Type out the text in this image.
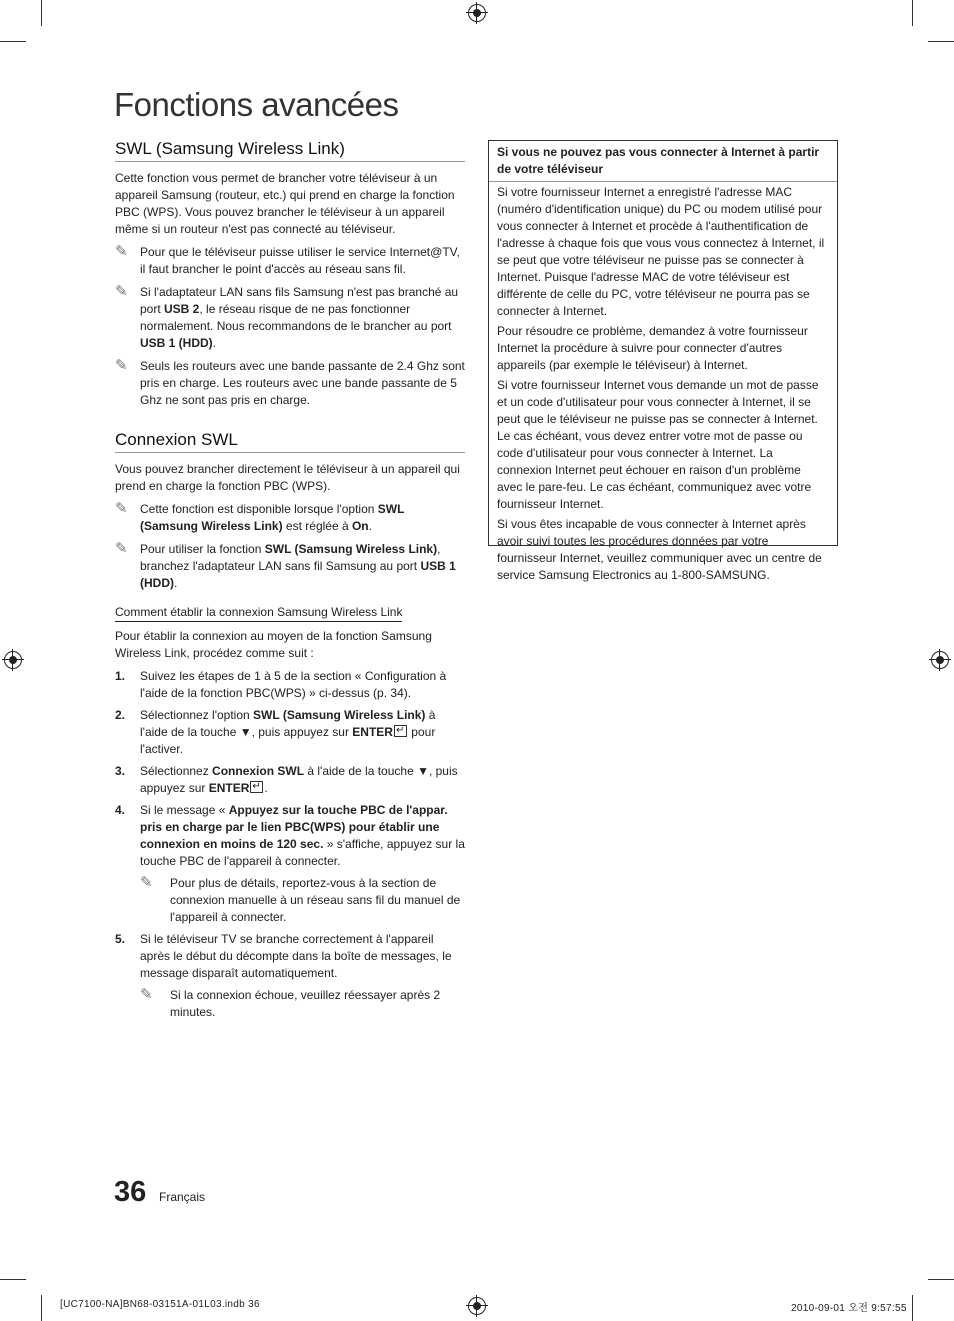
Fonctions avancées
SWL (Samsung Wireless Link)

Cette fonction vous permet de brancher votre téléviseur à un appareil Samsung (routeur, etc.) qui prend en charge la fonction PBC (WPS). Vous pouvez brancher le téléviseur à un appareil même si un routeur n'est pas connecté au téléviseur.

✎	Pour que le téléviseur puisse utiliser le service Internet@TV, il faut brancher le point d'accès au réseau sans fil.
✎	Si l'adaptateur LAN sans fils Samsung n'est pas branché au port USB 2, le réseau risque de ne pas fonctionner normalement. Nous recommandons de le brancher au port USB 1 (HDD).
✎	Seuls les routeurs avec une bande passante de 2.4 Ghz sont pris en charge. Les routeurs avec une bande passante de 5 Ghz ne sont pas pris en charge.
Connexion SWL

Vous pouvez brancher directement le téléviseur à un appareil qui prend en charge la fonction PBC (WPS).

✎	Cette fonction est disponible lorsque l'option SWL (Samsung Wireless Link) est réglée à On.
✎	Pour utiliser la fonction SWL (Samsung Wireless Link), branchez l'adaptateur LAN sans fil Samsung au port USB 1 (HDD).
Comment établir la connexion Samsung Wireless Link

Pour établir la connexion au moyen de la fonction Samsung Wireless Link, procédez comme suit :

1.	Suivez les étapes de 1 à 5 de la section « Configuration à l'aide de la fonction PBC(WPS) » ci-dessus (p. 34).
2.	Sélectionnez l'option SWL (Samsung Wireless Link) à l'aide de la touche ▼, puis appuyez sur ENTER↵ pour l'activer.
3.	Sélectionnez Connexion SWL à l'aide de la touche ▼, puis appuyez sur ENTER↵ .
4.	Si le message « Appuyez sur la touche PBC de l'appar. pris en charge par le lien PBC(WPS) pour établir une connexion en moins de 120 sec. » s'affiche, appuyez sur la touche PBC de l'appareil à connecter.
✎	Pour plus de détails, reportez-vous à la section de connexion manuelle à un réseau sans fil du manuel de l'appareil à connecter.
5.	Si le téléviseur TV se branche correctement à l'appareil après le début du décompte dans la boîte de messages, le message disparaît automatiquement.
✎	Si la connexion échoue, veuillez réessayer après 2 minutes.
Si vous ne pouvez pas vous connecter à Internet à partir de votre téléviseur

Si votre fournisseur Internet a enregistré l'adresse MAC (numéro d'identification unique) du PC ou modem utilisé pour vous connecter à Internet et procède à l'authentification de l'adresse à chaque fois que vous vous connectez à Internet, il se peut que votre téléviseur ne puisse pas se connecter à Internet. Puisque l'adresse MAC de votre téléviseur est différente de celle du PC, votre téléviseur ne pourra pas se connecter à Internet.

Pour résoudre ce problème, demandez à votre fournisseur Internet la procédure à suivre pour connecter d'autres appareils (par exemple le téléviseur) à Internet.

Si votre fournisseur Internet vous demande un mot de passe et un code d'utilisateur pour vous connecter à Internet, il se peut que le téléviseur ne puisse pas se connecter à Internet. Le cas échéant, vous devez entrer votre mot de passe ou code d'utilisateur pour vous connecter à Internet. La connexion Internet peut échouer en raison d'un problème avec le pare-feu. Le cas échéant, communiquez avec votre fournisseur Internet.

Si vous êtes incapable de vous connecter à Internet après avoir suivi toutes les procédures données par votre fournisseur Internet, veuillez communiquer avec un centre de service Samsung Electronics au 1-800-SAMSUNG.

36 Français
[UC7100-NA]BN68-03151A-01L03.indb 36	2010-09-01 오전 9:57:55
